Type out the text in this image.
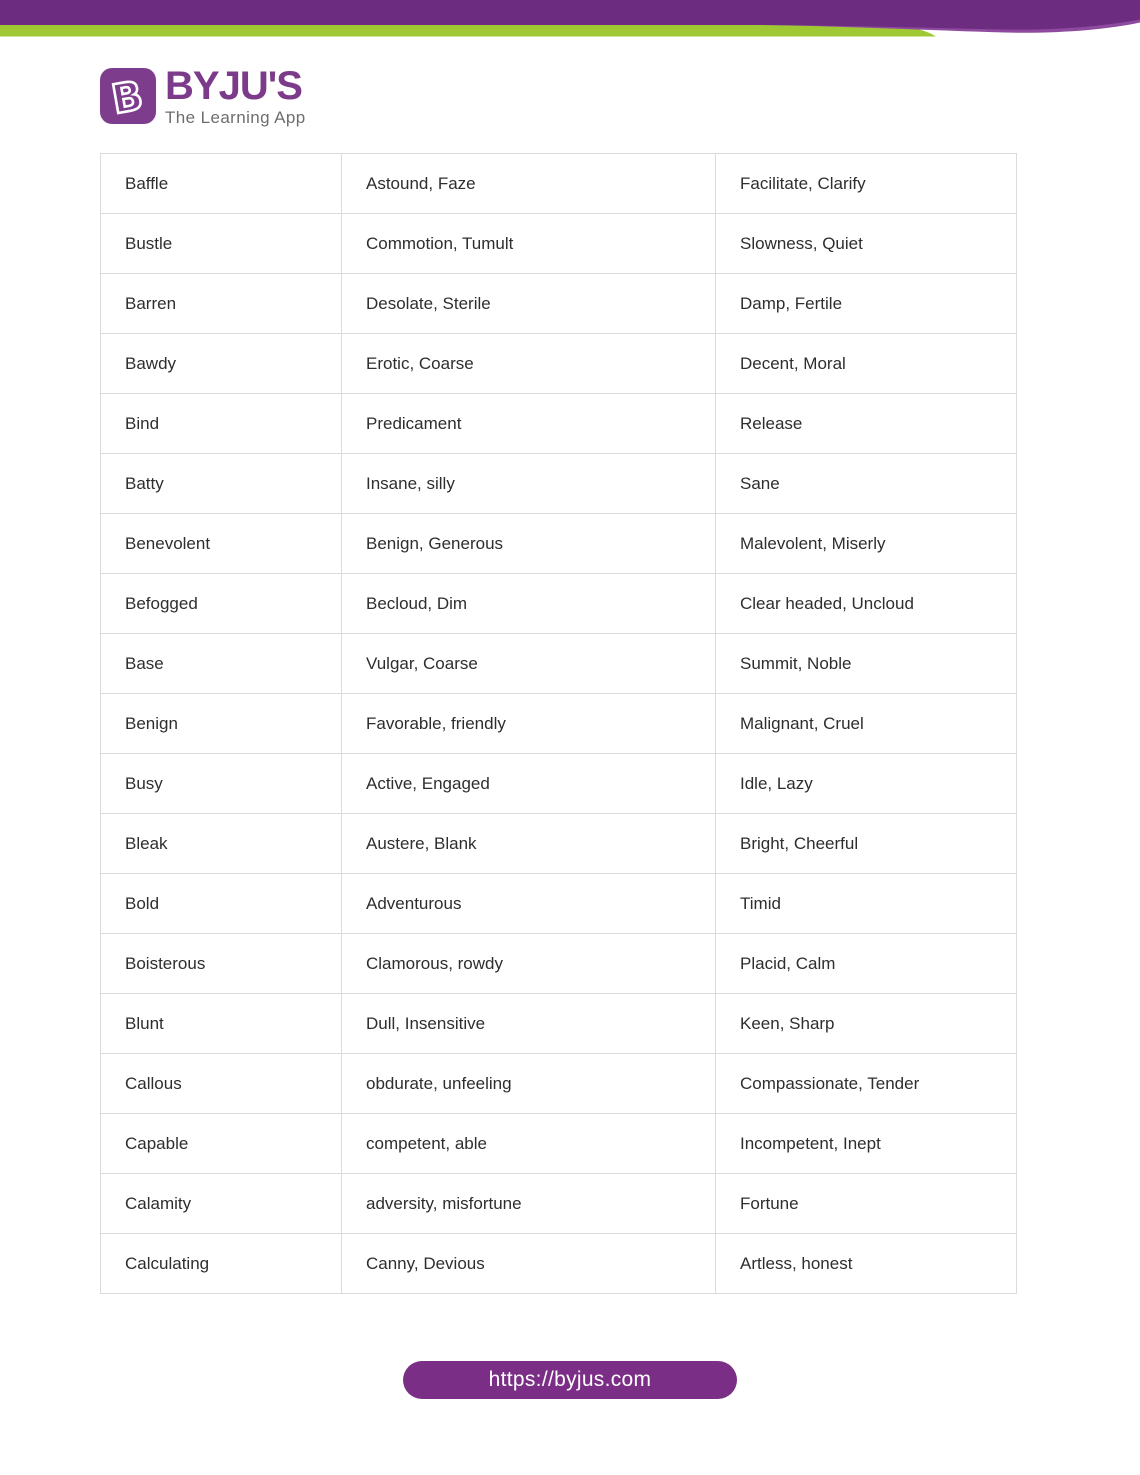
B BYJU'S
The Learning App
Baffle	Astound, Faze	Facilitate, Clarify
Bustle	Commotion, Tumult	Slowness, Quiet
Barren	Desolate, Sterile	Damp, Fertile
Bawdy	Erotic, Coarse	Decent, Moral
Bind	Predicament	Release
Batty	Insane, silly	Sane
Benevolent	Benign, Generous	Malevolent, Miserly
Befogged	Becloud, Dim	Clear headed, Uncloud
Base	Vulgar, Coarse	Summit, Noble
Benign	Favorable, friendly	Malignant, Cruel
Busy	Active, Engaged	Idle, Lazy
Bleak	Austere, Blank	Bright, Cheerful
Bold	Adventurous	Timid
Boisterous	Clamorous, rowdy	Placid, Calm
Blunt	Dull, Insensitive	Keen, Sharp
Callous	obdurate, unfeeling	Compassionate, Tender
Capable	competent, able	Incompetent, Inept
Calamity	adversity, misfortune	Fortune
Calculating	Canny, Devious	Artless, honest
https://byjus.com
